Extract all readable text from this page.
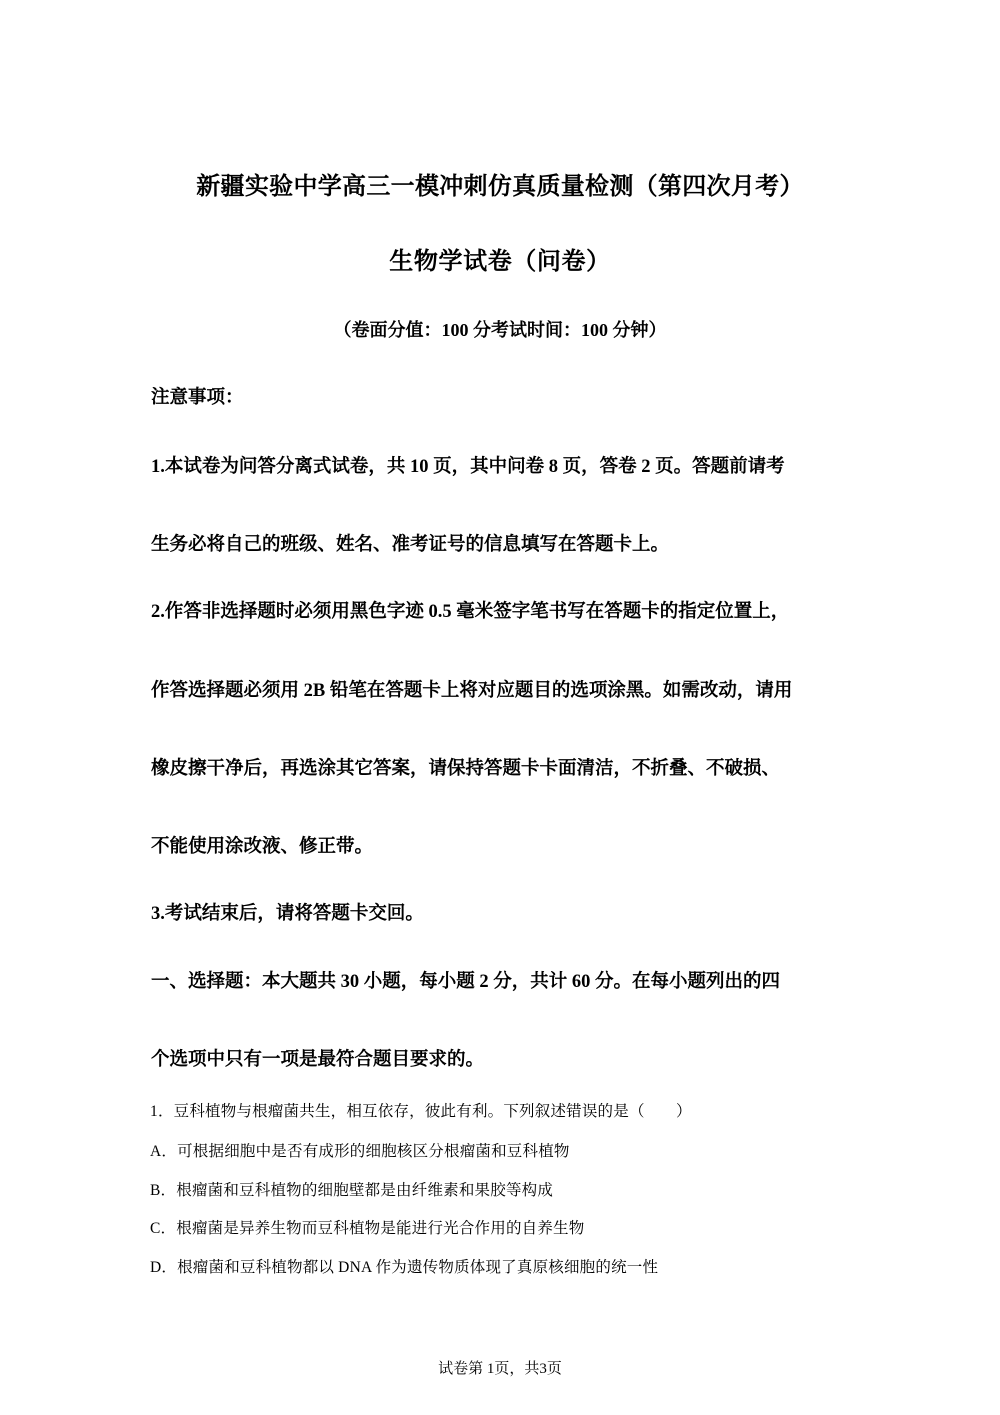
新疆实验中学高三一模冲刺仿真质量检测（第四次月考）
生物学试卷（问卷）
（卷面分值：100 分考试时间：100 分钟）
注意事项：
1.本试卷为问答分离式试卷，共 10 页，其中问卷 8 页，答卷 2 页。答题前请考
生务必将自己的班级、姓名、准考证号的信息填写在答题卡上。
2.作答非选择题时必须用黑色字迹 0.5 毫米签字笔书写在答题卡的指定位置上，
作答选择题必须用 2B 铅笔在答题卡上将对应题目的选项涂黑。如需改动，请用
橡皮擦干净后，再选涂其它答案，请保持答题卡卡面清洁，不折叠、不破损、
不能使用涂改液、修正带。
3.考试结束后，请将答题卡交回。
一、选择题：本大题共 30 小题，每小题 2 分，共计 60 分。在每小题列出的四
个选项中只有一项是最符合题目要求的。
1．豆科植物与根瘤菌共生，相互依存，彼此有利。下列叙述错误的是（　　）
A．可根据细胞中是否有成形的细胞核区分根瘤菌和豆科植物
B．根瘤菌和豆科植物的细胞壁都是由纤维素和果胶等构成
C．根瘤菌是异养生物而豆科植物是能进行光合作用的自养生物
D．根瘤菌和豆科植物都以 DNA 作为遗传物质体现了真原核细胞的统一性
试卷第 1页，共3页
